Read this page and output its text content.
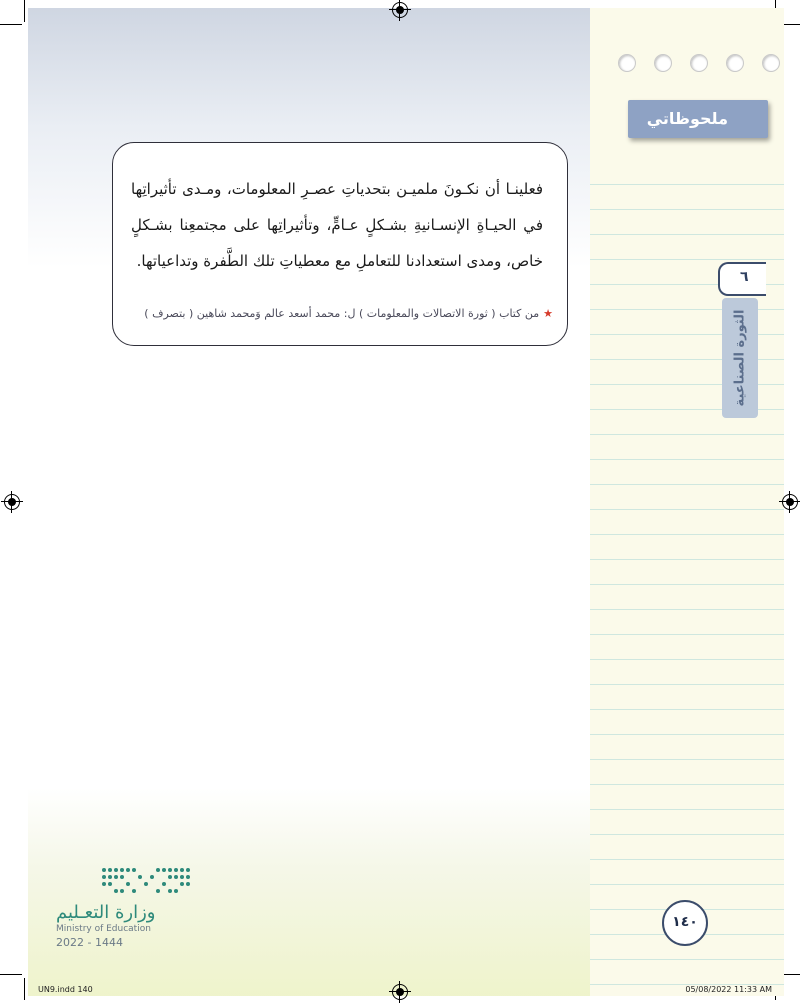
ملحوظاتي
٦
الثورة الصناعية
فعلينـا أن نكـونَ ملميـن بتحدياتِ عصـرِ المعلومات، ومـدى تأثيراتِها في الحيـاةِ الإنسـانيةِ بشـكلٍ عـامٍّ، وتأثيراتِها على مجتمعِنا بشـكلٍ خاص، ومدى استعدادنا للتعاملِ مع معطياتِ تلك الطَّفرة وتداعياتها.
★من كتاب ( ثورة الاتصالات والمعلومات ) ل: محمد أسعد عالم وَمحمد شاهين ( بتصرف )
وزارة التعـليم
Ministry of Education
2022 - 1444
١٤٠
UN9.indd 140	05/08/2022 11:33 AM
